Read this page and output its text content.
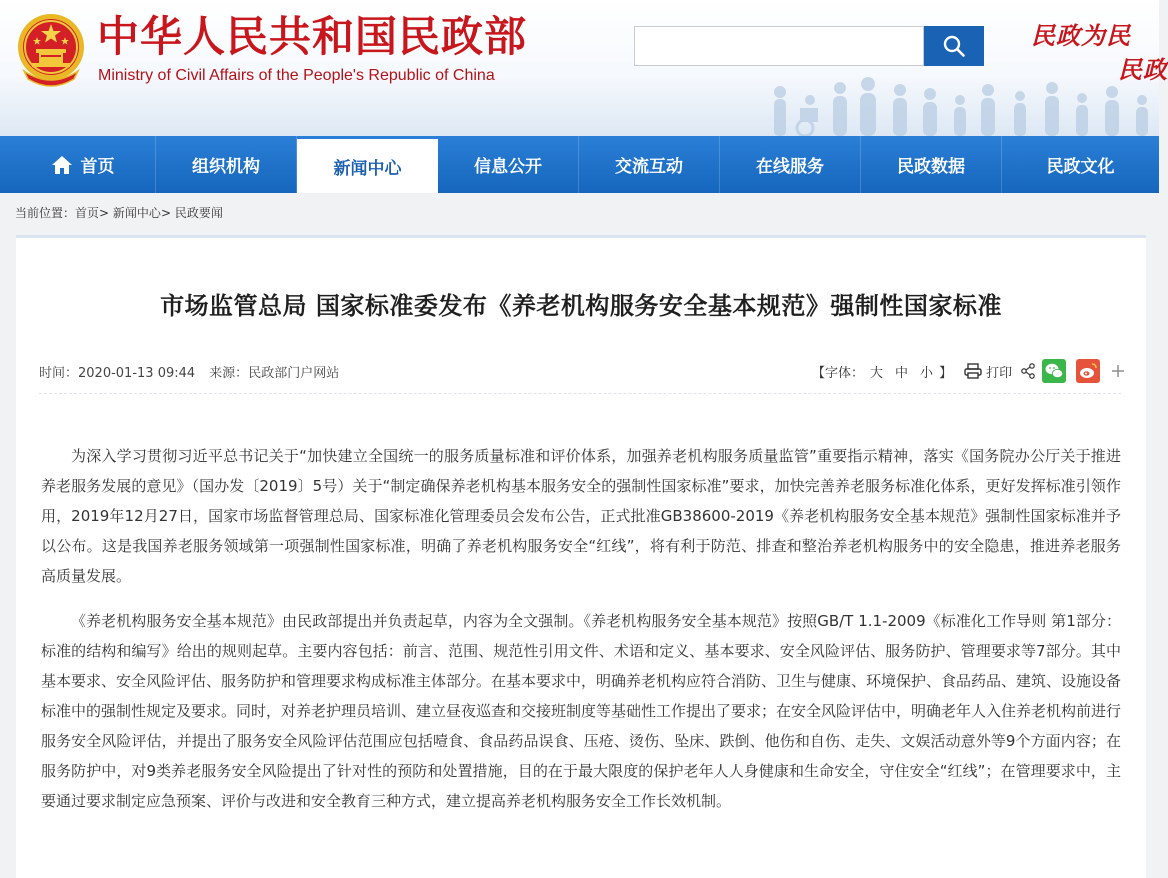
中华人民共和国民政部
Ministry of Civil Affairs of the People's Republic of China
民政为民
民政
首页	组织机构	新闻中心	信息公开	交流互动	在线服务	民政数据	民政文化
当前位置：首页> 新闻中心> 民政要闻
市场监管总局 国家标准委发布《养老机构服务安全基本规范》强制性国家标准
时间：2020-01-13 09:44 来源：民政部门户网站	【字体： 大 中 小 】	打印

为深入学习贯彻习近平总书记关于“加快建立全国统一的服务质量标准和评价体系，加强养老机构服务质量监管”重要指示精神，落实《国务院办公厅关于推进养老服务发展的意见》（国办发〔2019〕5号）关于“制定确保养老机构基本服务安全的强制性国家标准”要求，加快完善养老服务标准化体系，更好发挥标准引领作用，2019年12月27日，国家市场监督管理总局、国家标准化管理委员会发布公告，正式批准GB38600-2019《养老机构服务安全基本规范》强制性国家标准并予以公布。这是我国养老服务领域第一项强制性国家标准，明确了养老机构服务安全“红线”，将有利于防范、排查和整治养老机构服务中的安全隐患，推进养老服务高质量发展。

《养老机构服务安全基本规范》由民政部提出并负责起草，内容为全文强制。《养老机构服务安全基本规范》按照GB/T 1.1-2009《标准化工作导则 第1部分：标准的结构和编写》给出的规则起草。主要内容包括：前言、范围、规范性引用文件、术语和定义、基本要求、安全风险评估、服务防护、管理要求等7部分。其中基本要求、安全风险评估、服务防护和管理要求构成标准主体部分。在基本要求中，明确养老机构应符合消防、卫生与健康、环境保护、食品药品、建筑、设施设备标准中的强制性规定及要求。同时，对养老护理员培训、建立昼夜巡查和交接班制度等基础性工作提出了要求；在安全风险评估中，明确老年人入住养老机构前进行服务安全风险评估，并提出了服务安全风险评估范围应包括噎食、食品药品误食、压疮、烫伤、坠床、跌倒、他伤和自伤、走失、文娱活动意外等9个方面内容；在服务防护中，对9类养老服务安全风险提出了针对性的预防和处置措施，目的在于最大限度的保护老年人人身健康和生命安全，守住安全“红线”；在管理要求中，主要通过要求制定应急预案、评价与改进和安全教育三种方式，建立提高养老机构服务安全工作长效机制。
